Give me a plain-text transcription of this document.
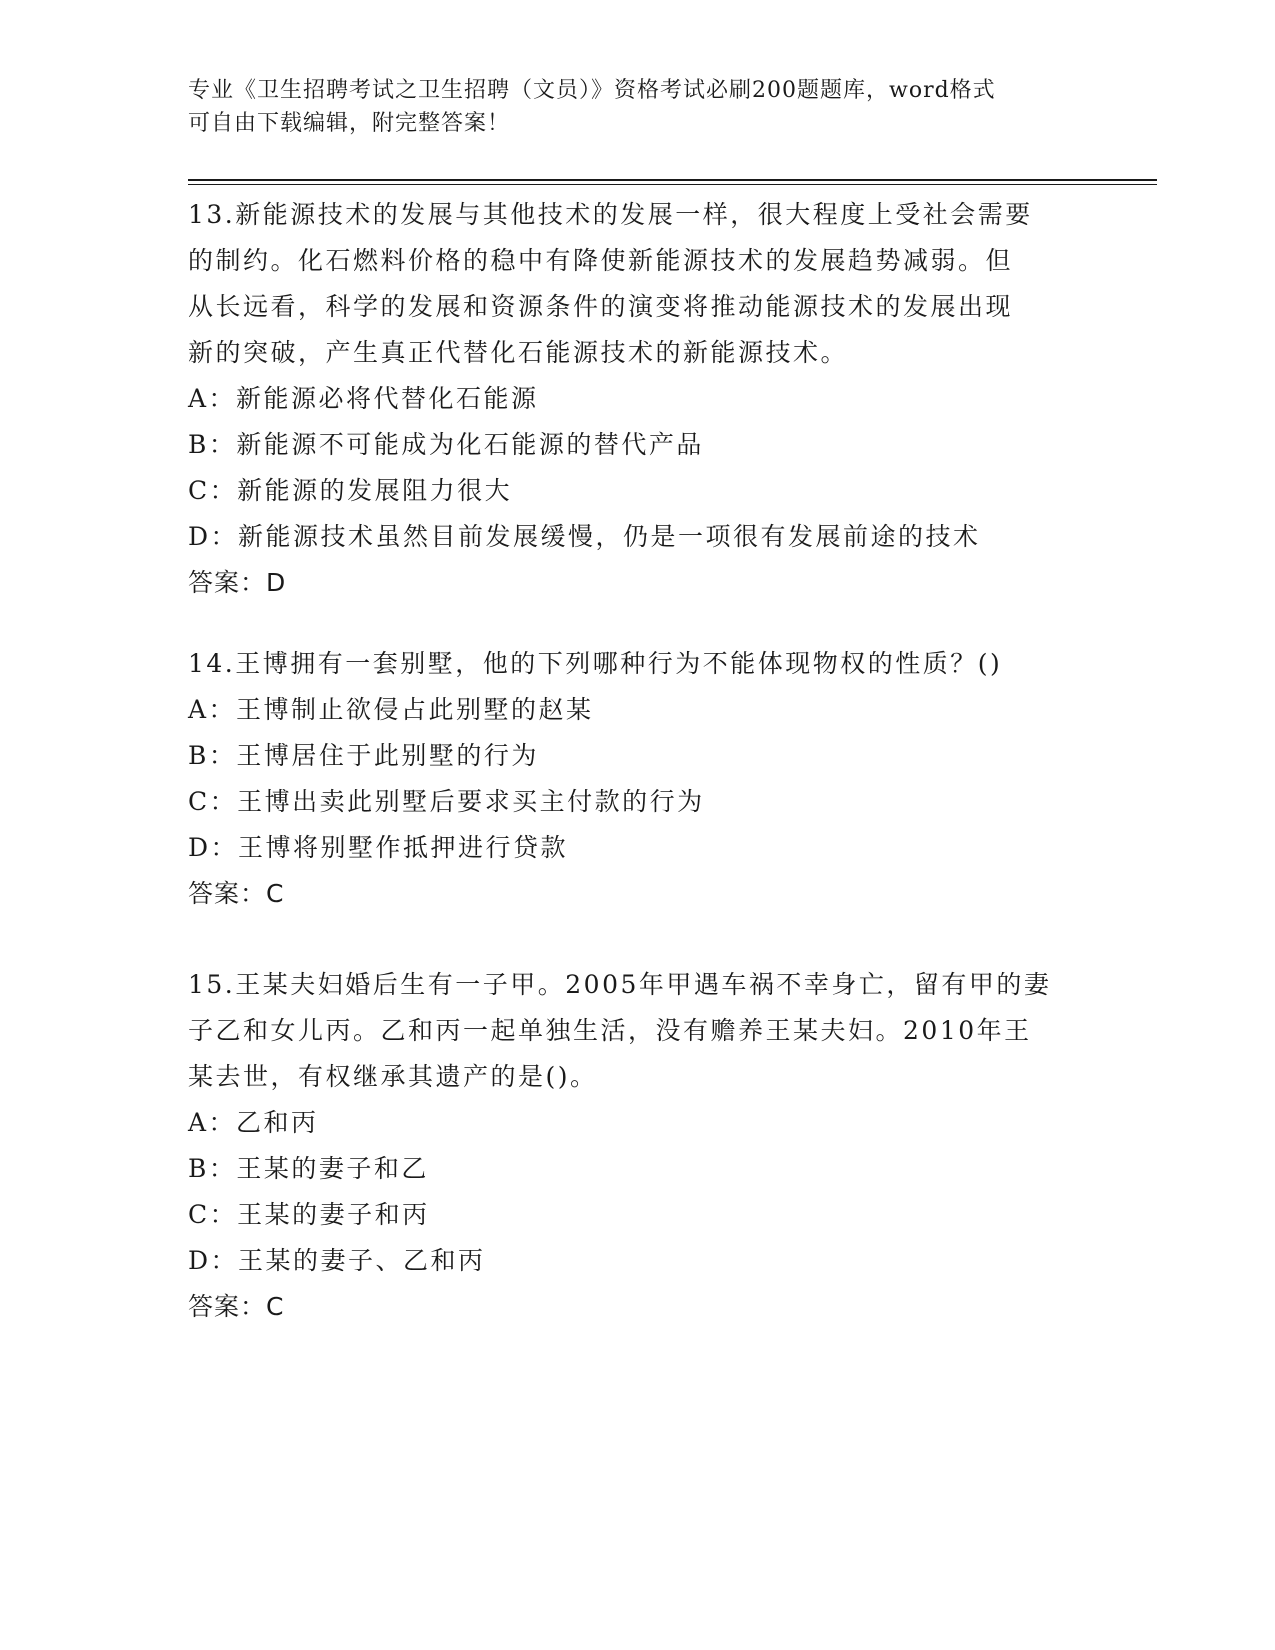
专业《卫生招聘考试之卫生招聘（文员）》资格考试必刷200题题库，word格式
可自由下载编辑，附完整答案！
13.新能源技术的发展与其他技术的发展一样，很大程度上受社会需要
的制约。化石燃料价格的稳中有降使新能源技术的发展趋势减弱。但
从长远看，科学的发展和资源条件的演变将推动能源技术的发展出现
新的突破，产生真正代替化石能源技术的新能源技术。
A：新能源必将代替化石能源
B：新能源不可能成为化石能源的替代产品
C：新能源的发展阻力很大
D：新能源技术虽然目前发展缓慢，仍是一项很有发展前途的技术
答案：D
14.王博拥有一套别墅，他的下列哪种行为不能体现物权的性质？()
A：王博制止欲侵占此别墅的赵某
B：王博居住于此别墅的行为
C：王博出卖此别墅后要求买主付款的行为
D：王博将别墅作抵押进行贷款
答案：C
15.王某夫妇婚后生有一子甲。2005年甲遇车祸不幸身亡，留有甲的妻
子乙和女儿丙。乙和丙一起单独生活，没有赡养王某夫妇。2010年王
某去世，有权继承其遗产的是()。
A：乙和丙
B：王某的妻子和乙
C：王某的妻子和丙
D：王某的妻子、乙和丙
答案：C
